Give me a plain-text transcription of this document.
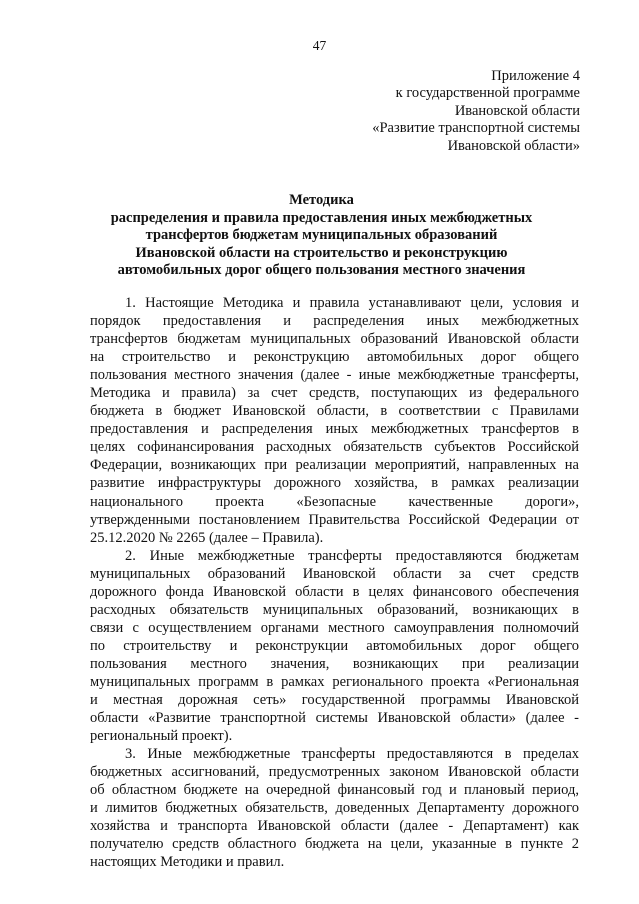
47
Приложение 4
к государственной программе
Ивановской области
«Развитие транспортной системы
Ивановской области»
Методика
распределения и правила предоставления иных межбюджетных
трансфертов бюджетам муниципальных образований
Ивановской области на строительство и реконструкцию
автомобильных дорог общего пользования местного значения
1. Настоящие Методика и правила устанавливают цели, условия и
порядок предоставления и распределения иных межбюджетных
трансфертов бюджетам муниципальных образований Ивановской области
на строительство и реконструкцию автомобильных дорог общего
пользования местного значения (далее - иные межбюджетные трансферты,
Методика и правила) за счет средств, поступающих из федерального
бюджета в бюджет Ивановской области, в соответствии с Правилами
предоставления и распределения иных межбюджетных трансфертов в
целях софинансирования расходных обязательств субъектов Российской
Федерации, возникающих при реализации мероприятий, направленных на
развитие инфраструктуры дорожного хозяйства, в рамках реализации
национального проекта «Безопасные качественные дороги»,
утвержденными постановлением Правительства Российской Федерации от
25.12.2020 № 2265 (далее – Правила).
2. Иные межбюджетные трансферты предоставляются бюджетам
муниципальных образований Ивановской области за счет средств
дорожного фонда Ивановской области в целях финансового обеспечения
расходных обязательств муниципальных образований, возникающих в
связи с осуществлением органами местного самоуправления полномочий
по строительству и реконструкции автомобильных дорог общего
пользования местного значения, возникающих при реализации
муниципальных программ в рамках регионального проекта «Региональная
и местная дорожная сеть» государственной программы Ивановской
области «Развитие транспортной системы Ивановской области» (далее -
региональный проект).
3. Иные межбюджетные трансферты предоставляются в пределах
бюджетных ассигнований, предусмотренных законом Ивановской области
об областном бюджете на очередной финансовый год и плановый период,
и лимитов бюджетных обязательств, доведенных Департаменту дорожного
хозяйства и транспорта Ивановской области (далее - Департамент) как
получателю средств областного бюджета на цели, указанные в пункте 2
настоящих Методики и правил.
